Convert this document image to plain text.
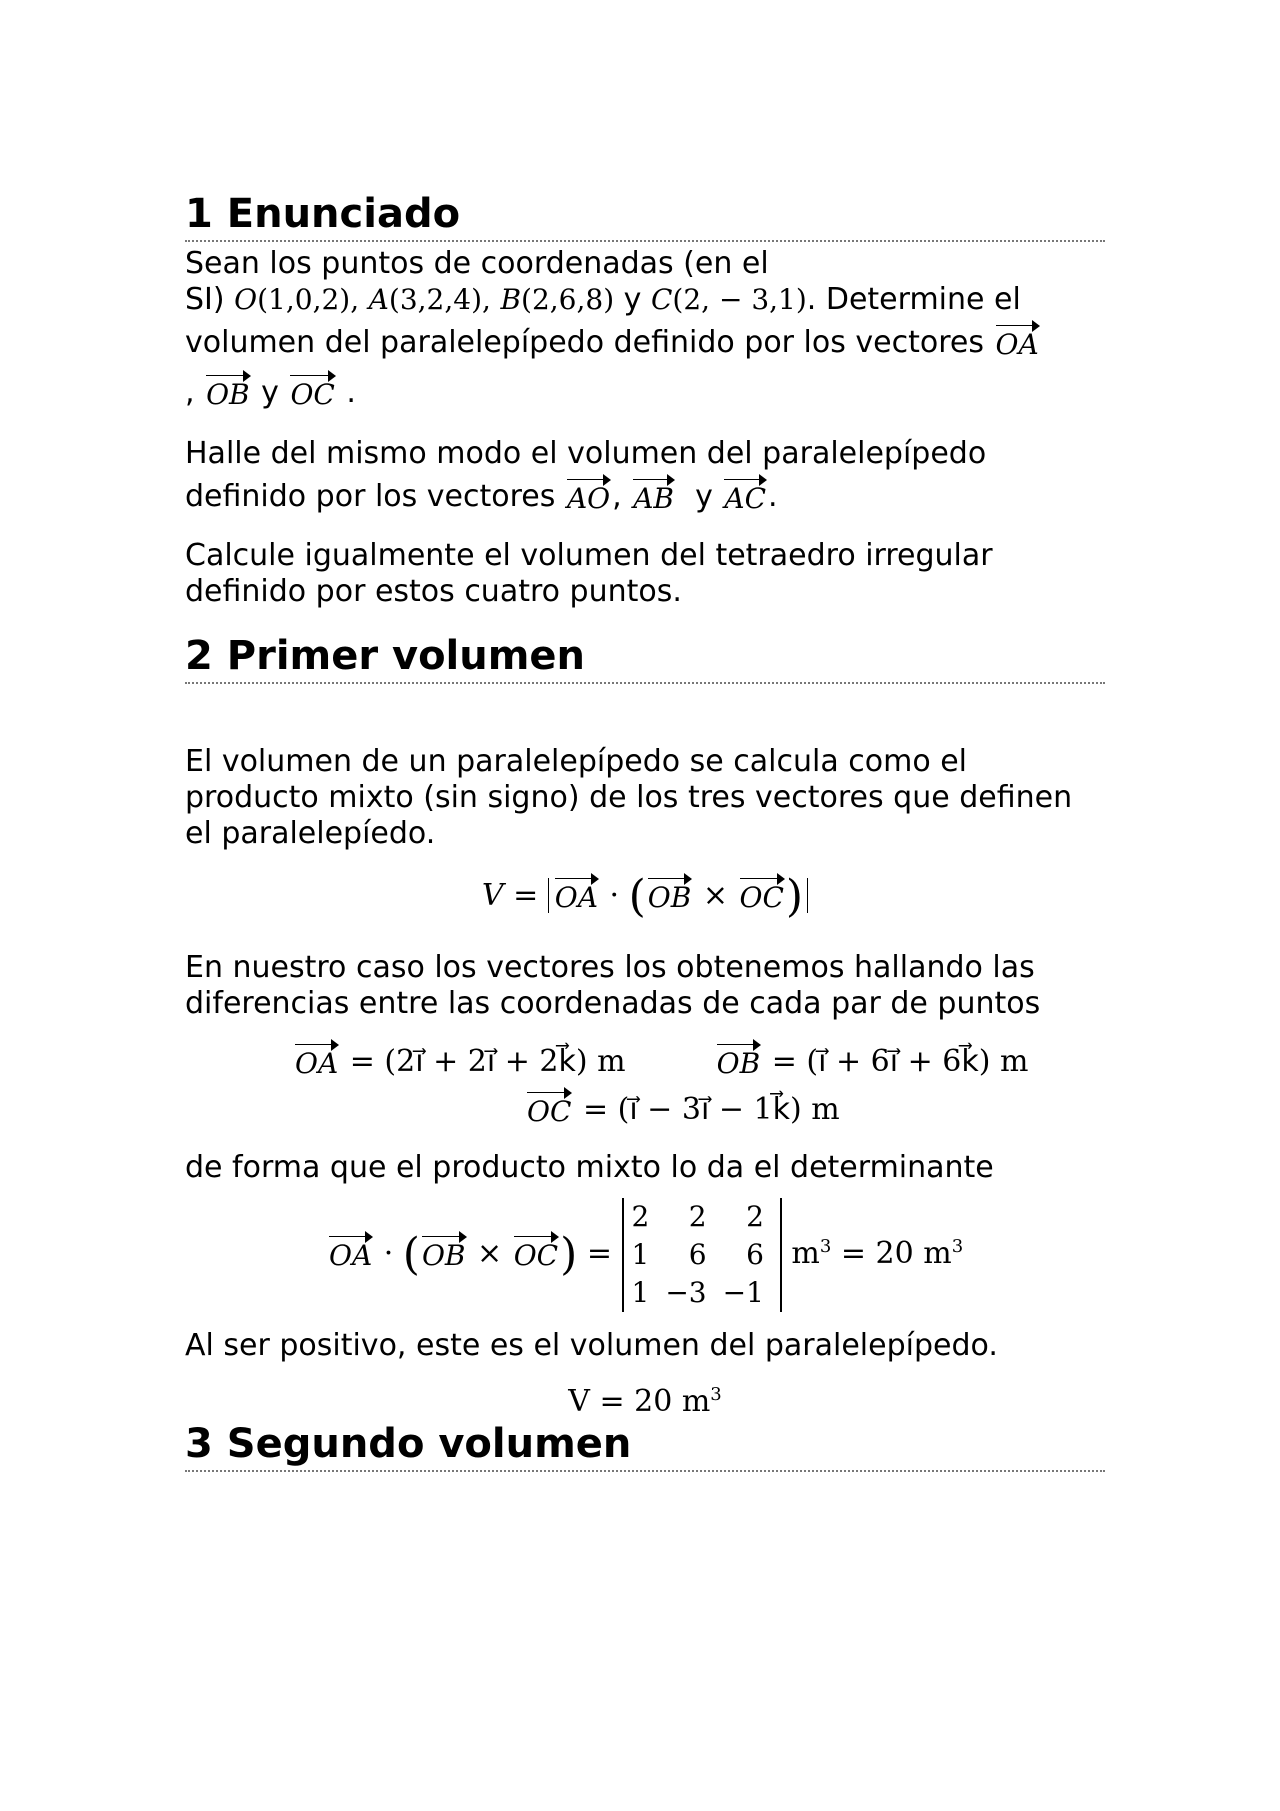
1 Enunciado

Sean los puntos de coordenadas (en el
SI) O(1,0,2), A(3,2,4), B(2,6,8) y C(2, − 3,1). Determine el
volumen del paralelepípedo definido por los vectores OA
, OB y OC .

Halle del mismo modo el volumen del paralelepípedo
definido por los vectores AO, AB y AC.

Calcule igualmente el volumen del tetraedro irregular definido por estos cuatro puntos.

2 Primer volumen

El volumen de un paralelepípedo se calcula como el producto mixto (sin signo) de los tres vectores que definen el paralelepíedo.

V = OA · (OB × OC)

En nuestro caso los vectores los obtenemos hallando las diferencias entre las coordenadas de cada par de puntos

OA = (2ı⃗ + 2ı⃗ + 2k⃗) m	OB = (ı⃗ + 6ı⃗ + 6k⃗) m
OC = (ı⃗ − 3ı⃗ − 1k⃗) m

de forma que el producto mixto lo da el determinante

OA · (OB × OC) =
2	2	2
1	6	6
1	−3	−1
$m^3 = 20$ $m^3$

Al ser positivo, este es el volumen del paralelepípedo.

V = 20 $m^3$
3 Segundo volumen
